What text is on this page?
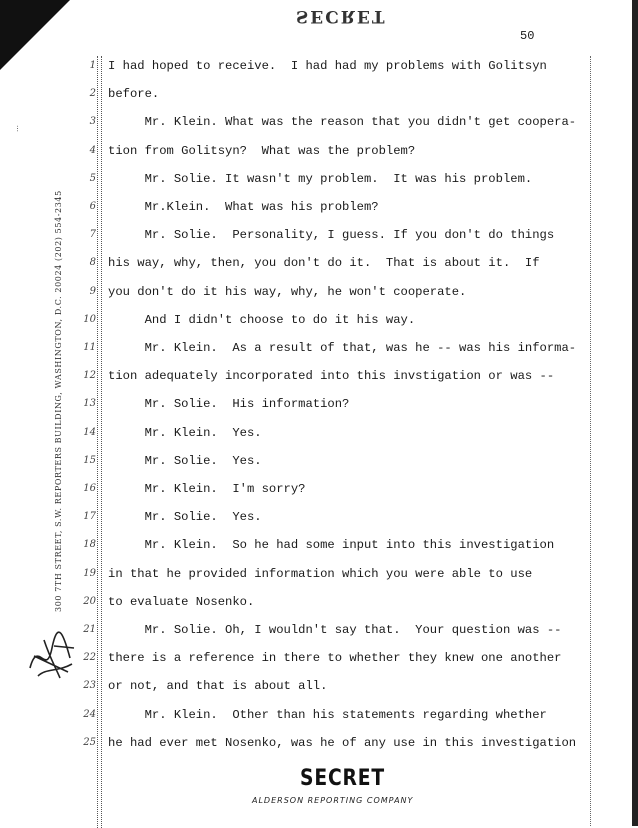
SECRET
50
…
300 7TH STREET, S.W. REPORTERS BUILDING, WASHINGTON, D.C. 20024 (202) 554-2345
1 I had hoped to receive.  I had had my problems with Golitsyn
2 before.
3 Mr. Klein. What was the reason that you didn't get coopera-
4 tion from Golitsyn?  What was the problem?
5 Mr. Solie. It wasn't my problem.  It was his problem.
6 Mr.Klein.  What was his problem?
7 Mr. Solie.  Personality, I guess. If you don't do things
8 his way, why, then, you don't do it.  That is about it.  If
9 you don't do it his way, why, he won't cooperate.
10 And I didn't choose to do it his way.
11 Mr. Klein.  As a result of that, was he -- was his informa-
12 tion adequately incorporated into this invstigation or was --
13 Mr. Solie.  His information?
14 Mr. Klein.  Yes.
15 Mr. Solie.  Yes.
16 Mr. Klein.  I'm sorry?
17 Mr. Solie.  Yes.
18 Mr. Klein.  So he had some input into this investigation
19 in that he provided information which you were able to use
20 to evaluate Nosenko.
21 Mr. Solie. Oh, I wouldn't say that.  Your question was --
22 there is a reference in there to whether they knew one another
23 or not, and that is about all.
24 Mr. Klein.  Other than his statements regarding whether
25 he had ever met Nosenko, was he of any use in this investigation
SECRET
ALDERSON REPORTING COMPANY
